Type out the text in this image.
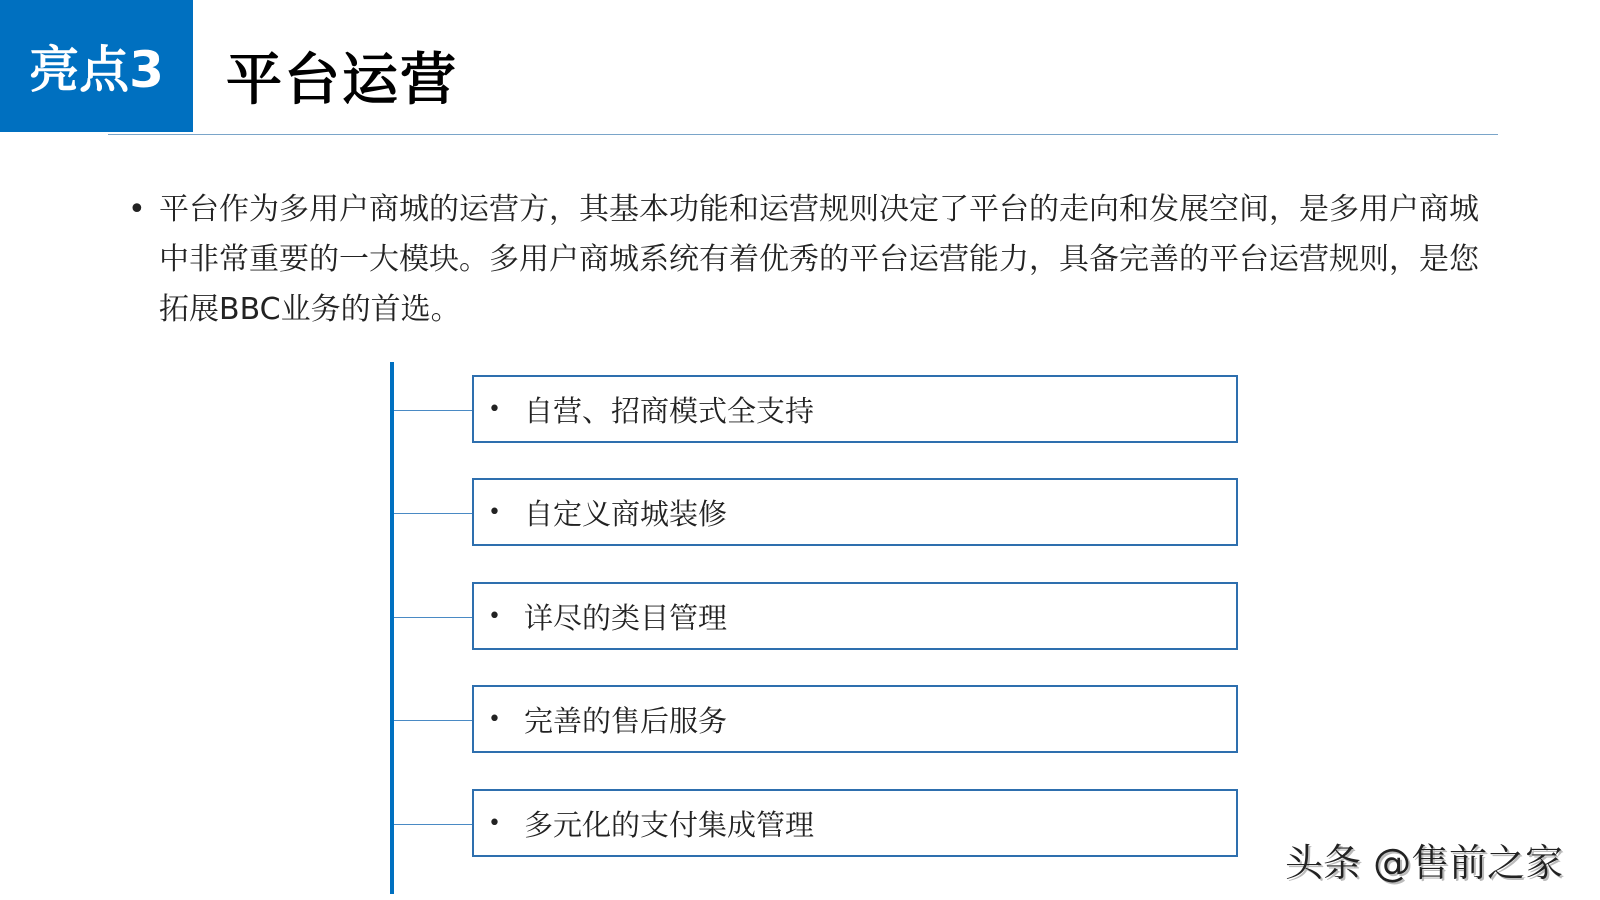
亮点3	平台运营
• 平台作为多用户商城的运营方，其基本功能和运营规则决定了平台的走向和发展空间，是多用户商城中非常重要的一大模块。多用户商城系统有着优秀的平台运营能力，具备完善的平台运营规则，是您拓展BBC业务的首选。
• 自营、招商模式全支持
• 自定义商城装修
• 详尽的类目管理
• 完善的售后服务
• 多元化的支付集成管理
头条 @售前之家
